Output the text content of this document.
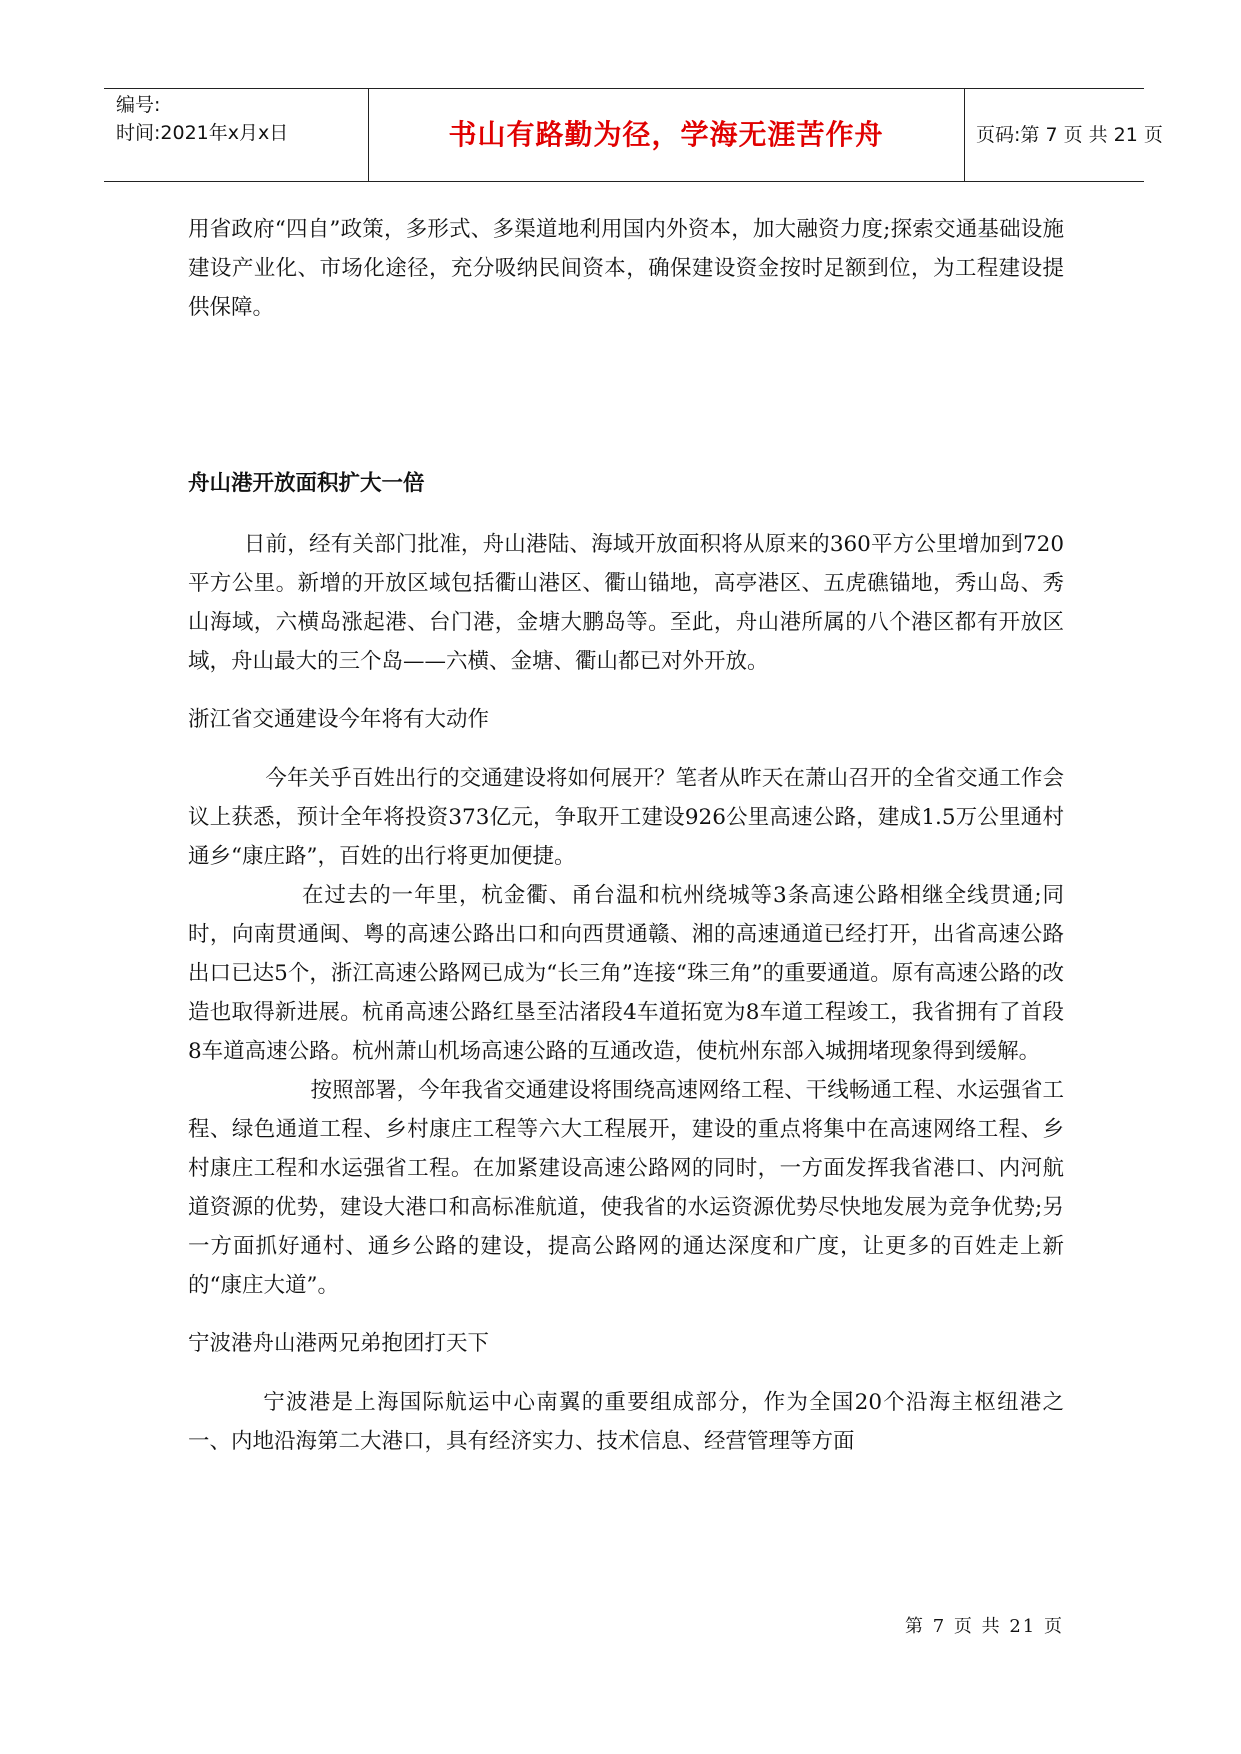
编号:
时间:2021年x月x日	书山有路勤为径，学海无涯苦作舟	页码:第 7 页 共 21 页

用省政府“四自”政策，多形式、多渠道地利用国内外资本，加大融资力度;探索交通基础设施建设产业化、市场化途径，充分吸纳民间资本，确保建设资金按时足额到位，为工程建设提供保障。

舟山港开放面积扩大一倍

日前，经有关部门批准，舟山港陆、海域开放面积将从原来的360平方公里增加到720平方公里。新增的开放区域包括衢山港区、衢山锚地，高亭港区、五虎礁锚地，秀山岛、秀山海域，六横岛涨起港、台门港，金塘大鹏岛等。至此，舟山港所属的八个港区都有开放区域，舟山最大的三个岛——六横、金塘、衢山都已对外开放。

浙江省交通建设今年将有大动作

今年关乎百姓出行的交通建设将如何展开？笔者从昨天在萧山召开的全省交通工作会议上获悉，预计全年将投资373亿元，争取开工建设926公里高速公路，建成1.5万公里通村通乡“康庄路”，百姓的出行将更加便捷。

在过去的一年里，杭金衢、甬台温和杭州绕城等3条高速公路相继全线贯通;同时，向南贯通闽、粤的高速公路出口和向西贯通赣、湘的高速通道已经打开，出省高速公路出口已达5个，浙江高速公路网已成为“长三角”连接“珠三角”的重要通道。原有高速公路的改造也取得新进展。杭甬高速公路红垦至沽渚段4车道拓宽为8车道工程竣工，我省拥有了首段8车道高速公路。杭州萧山机场高速公路的互通改造，使杭州东部入城拥堵现象得到缓解。

按照部署，今年我省交通建设将围绕高速网络工程、干线畅通工程、水运强省工程、绿色通道工程、乡村康庄工程等六大工程展开，建设的重点将集中在高速网络工程、乡村康庄工程和水运强省工程。在加紧建设高速公路网的同时，一方面发挥我省港口、内河航道资源的优势，建设大港口和高标准航道，使我省的水运资源优势尽快地发展为竞争优势;另一方面抓好通村、通乡公路的建设，提高公路网的通达深度和广度，让更多的百姓走上新的“康庄大道”。

宁波港舟山港两兄弟抱团打天下

宁波港是上海国际航运中心南翼的重要组成部分，作为全国20个沿海主枢纽港之一、内地沿海第二大港口，具有经济实力、技术信息、经营管理等方面

第 7 页 共 21 页
